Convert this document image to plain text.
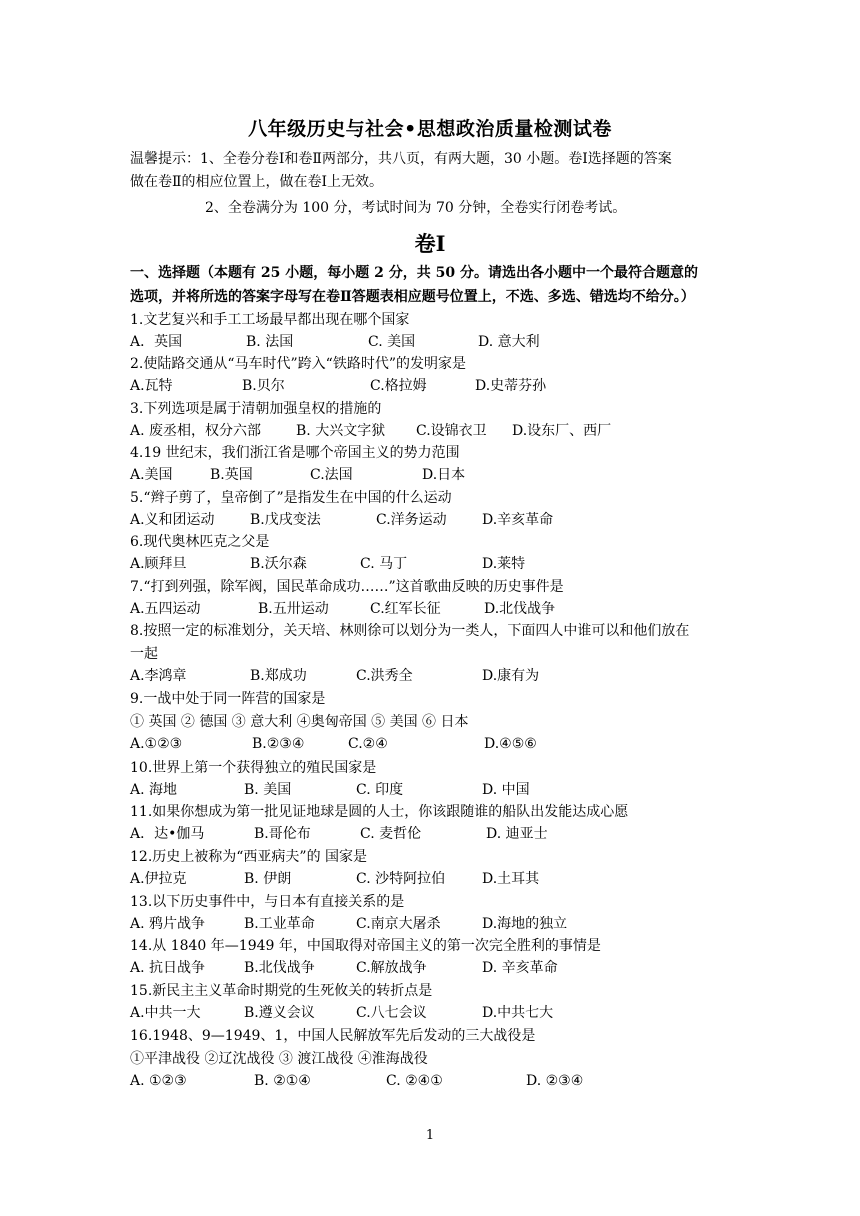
八年级历史与社会•思想政治质量检测试卷
温馨提示：1、全卷分卷Ⅰ和卷Ⅱ两部分，共八页，有两大题，30 小题。卷Ⅰ选择题的答案
做在卷Ⅱ的相应位置上，做在卷Ⅰ上无效。
2、全卷满分为 100 分，考试时间为 70 分钟，全卷实行闭卷考试。
卷Ⅰ
一、选择题（本题有 25 小题，每小题 2 分，共 50 分。请选出各小题中一个最符合题意的
选项，并将所选的答案字母写在卷Ⅱ答题表相应题号位置上，不选、多选、错选均不给分。）
1.文艺复兴和手工工场最早都出现在哪个国家
A．英国	B. 法国	C. 美国	D. 意大利
2.使陆路交通从“马车时代”跨入“铁路时代”的发明家是
A.瓦特	B.贝尔	C.格拉姆	D.史蒂芬孙
3.下列选项是属于清朝加强皇权的措施的
A. 废丞相，权分六部 B. 大兴文字狱 C.设锦衣卫 D.设东厂、西厂
4.19 世纪末，我们浙江省是哪个帝国主义的势力范围
A.美国	B.英国	C.法国	D.日本
5.“辫子剪了，皇帝倒了”是指发生在中国的什么运动
A.义和团运动	B.戊戌变法	C.洋务运动	D.辛亥革命
6.现代奥林匹克之父是
A.顾拜旦	B.沃尔森	C. 马丁	D.莱特
7.“打到列强，除军阀，国民革命成功……”这首歌曲反映的历史事件是
A.五四运动	B.五卅运动	C.红军长征	D.北伐战争
8.按照一定的标准划分，关天培、林则徐可以划分为一类人，下面四人中谁可以和他们放在
一起
A.李鸿章	B.郑成功	C.洪秀全	D.康有为
9.一战中处于同一阵营的国家是
① 英国 ② 德国 ③ 意大利 ④奥匈帝国 ⑤ 美国 ⑥ 日本
A.①②③	B.②③④	C.②④	D.④⑤⑥
10.世界上第一个获得独立的殖民国家是
A. 海地	B. 美国	C. 印度	D. 中国
11.如果你想成为第一批见证地球是圆的人士，你该跟随谁的船队出发能达成心愿
A．达•伽马	B.哥伦布	C. 麦哲伦	D. 迪亚士
12.历史上被称为“西亚病夫”的 国家是
A.伊拉克	B. 伊朗	C. 沙特阿拉伯	D.土耳其
13.以下历史事件中，与日本有直接关系的是
A. 鸦片战争	B.工业革命	C.南京大屠杀	D.海地的独立
14.从 1840 年—1949 年，中国取得对帝国主义的第一次完全胜利的事情是
A. 抗日战争	B.北伐战争	C.解放战争	D. 辛亥革命
15.新民主主义革命时期党的生死攸关的转折点是
A.中共一大	B.遵义会议	C.八七会议	D.中共七大
16.1948、9—1949、1，中国人民解放军先后发动的三大战役是
①平津战役 ②辽沈战役 ③ 渡江战役 ④淮海战役
A. ①②③	B. ②①④	C. ②④①	D. ②③④
1
